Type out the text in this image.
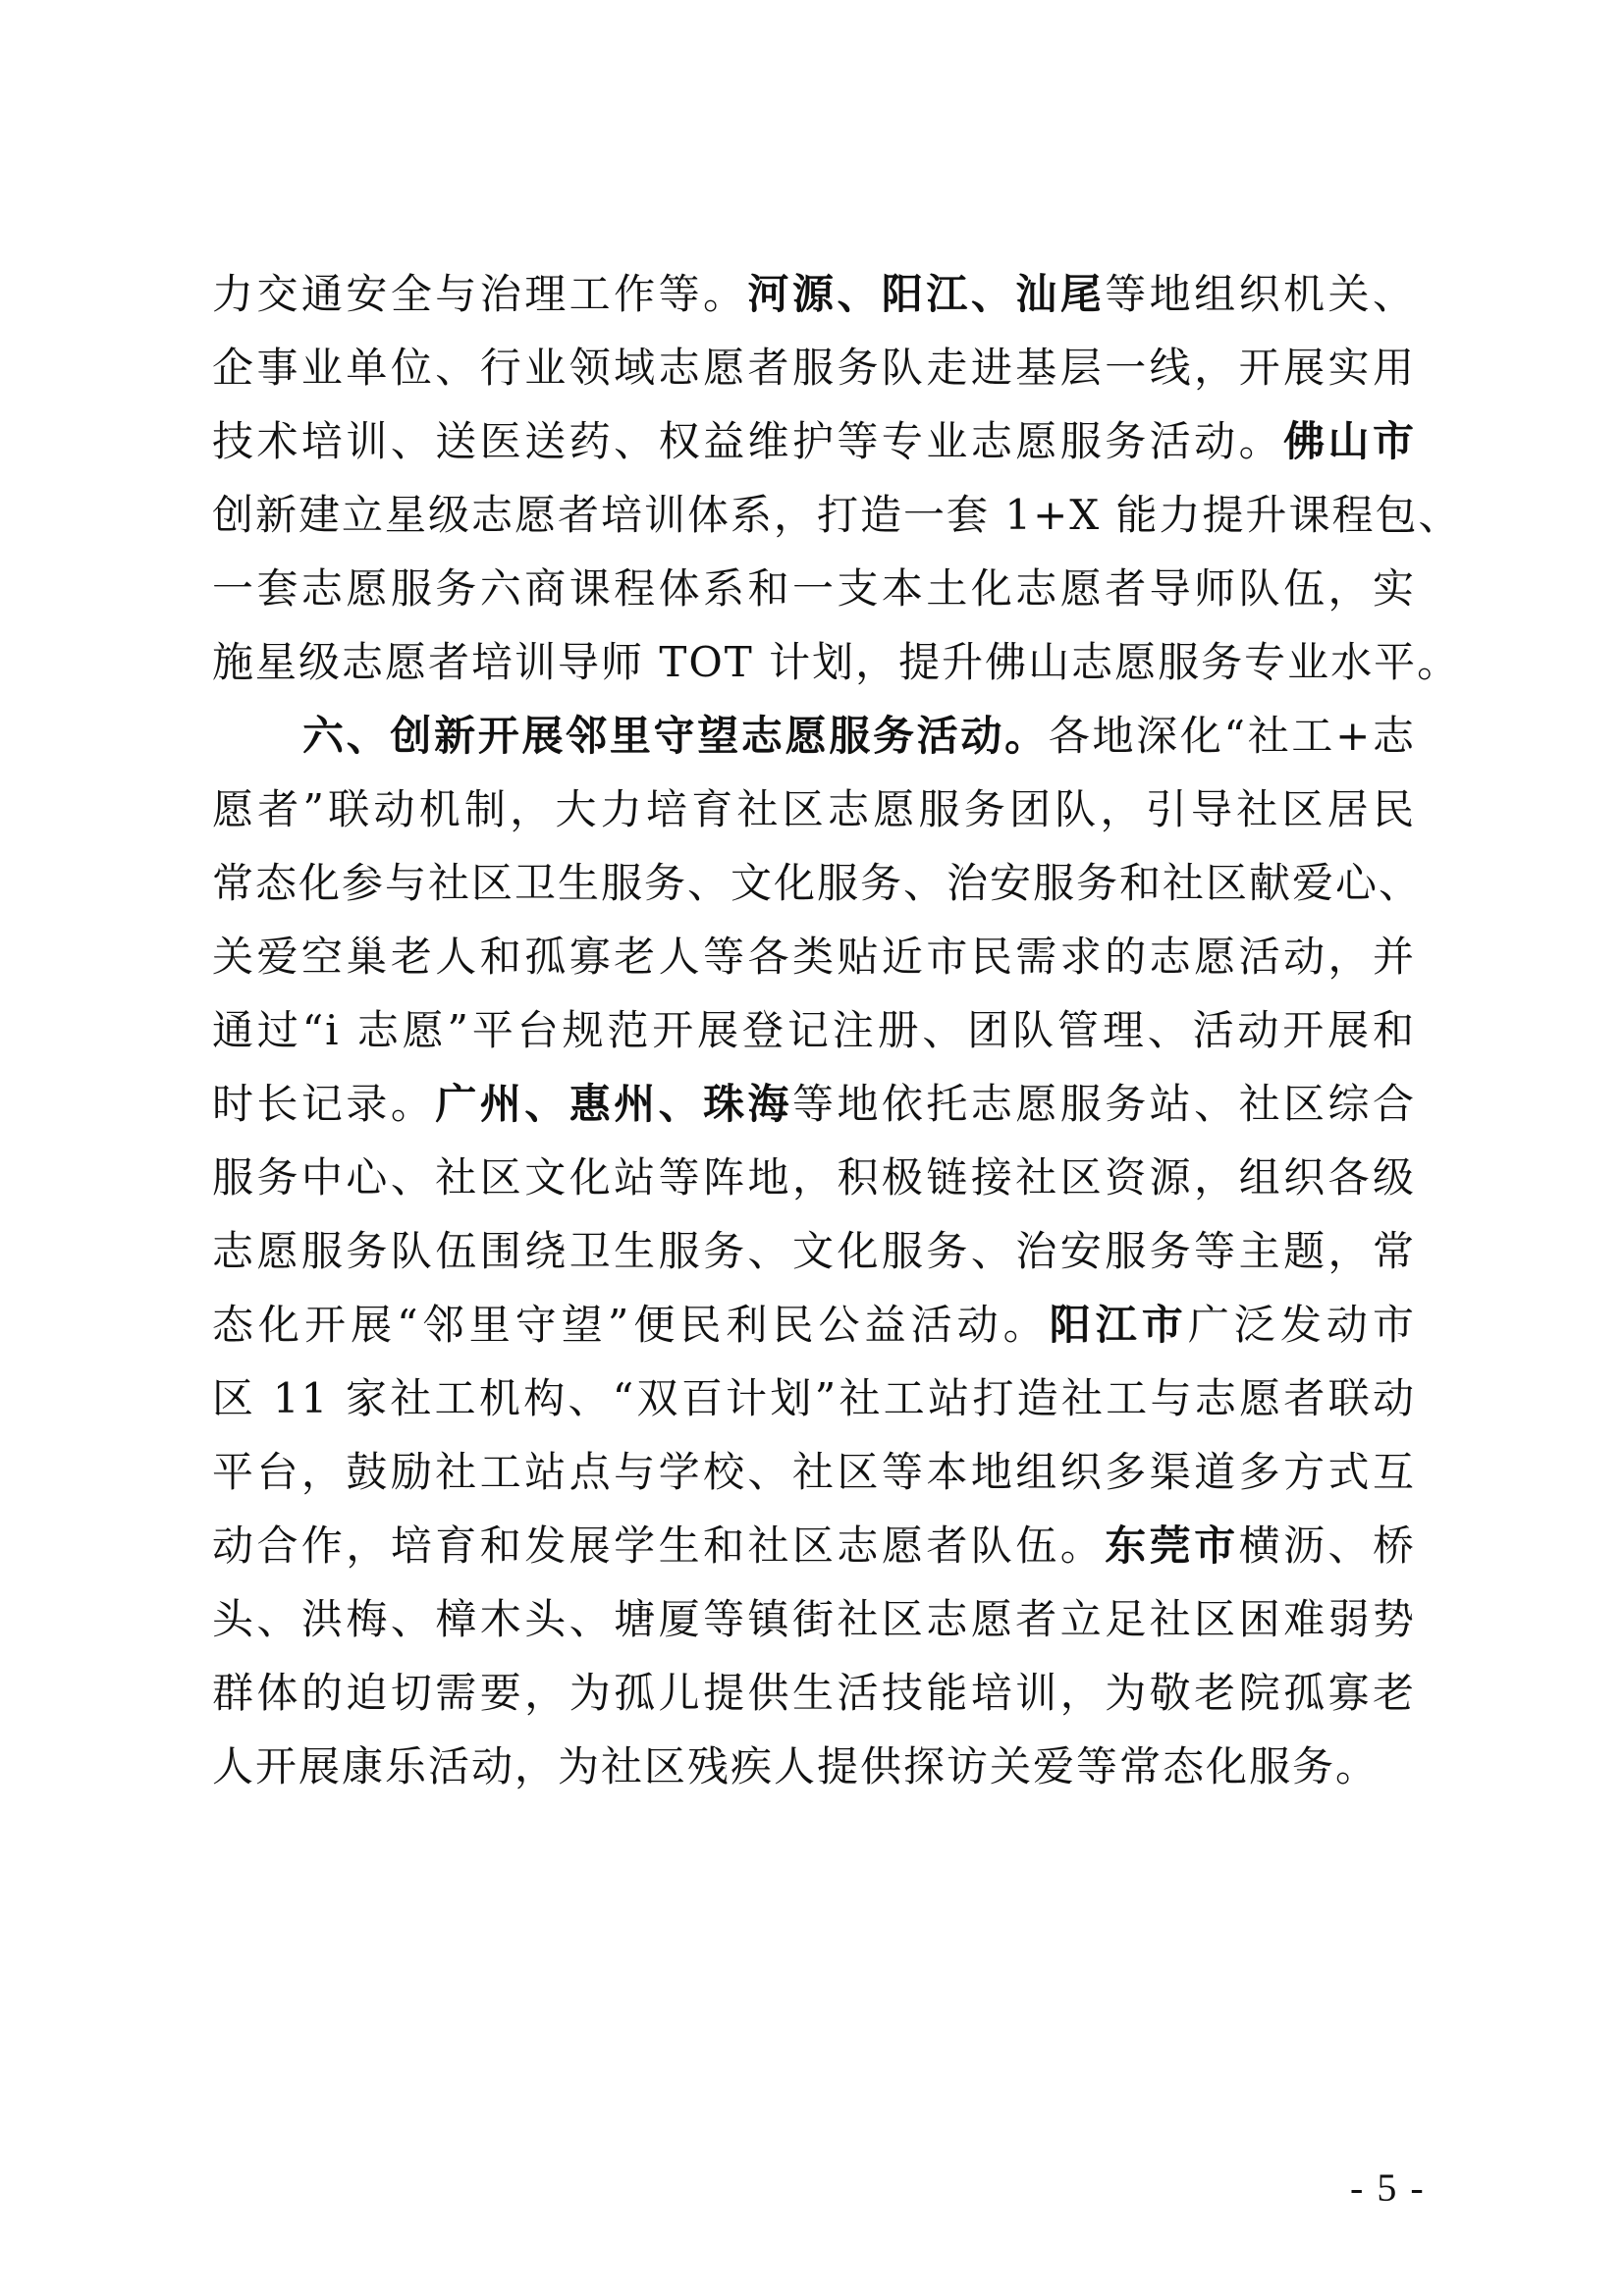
力交通安全与治理工作等。河源、阳江、汕尾等地组织机关、
企事业单位、行业领域志愿者服务队走进基层一线，开展实用
技术培训、送医送药、权益维护等专业志愿服务活动。佛山市
创新建立星级志愿者培训体系，打造一套 1+X 能力提升课程包、
一套志愿服务六商课程体系和一支本土化志愿者导师队伍，实
施星级志愿者培训导师 TOT 计划，提升佛山志愿服务专业水平。
六、创新开展邻里守望志愿服务活动。各地深化“社工+志
愿者”联动机制，大力培育社区志愿服务团队，引导社区居民
常态化参与社区卫生服务、文化服务、治安服务和社区献爱心、
关爱空巢老人和孤寡老人等各类贴近市民需求的志愿活动，并
通过“i 志愿”平台规范开展登记注册、团队管理、活动开展和
时长记录。广州、惠州、珠海等地依托志愿服务站、社区综合
服务中心、社区文化站等阵地，积极链接社区资源，组织各级
志愿服务队伍围绕卫生服务、文化服务、治安服务等主题，常
态化开展“邻里守望”便民利民公益活动。阳江市广泛发动市
区 11 家社工机构、“双百计划”社工站打造社工与志愿者联动
平台，鼓励社工站点与学校、社区等本地组织多渠道多方式互
动合作，培育和发展学生和社区志愿者队伍。东莞市横沥、桥
头、洪梅、樟木头、塘厦等镇街社区志愿者立足社区困难弱势
群体的迫切需要，为孤儿提供生活技能培训，为敬老院孤寡老
人开展康乐活动，为社区残疾人提供探访关爱等常态化服务。
- 5 -
